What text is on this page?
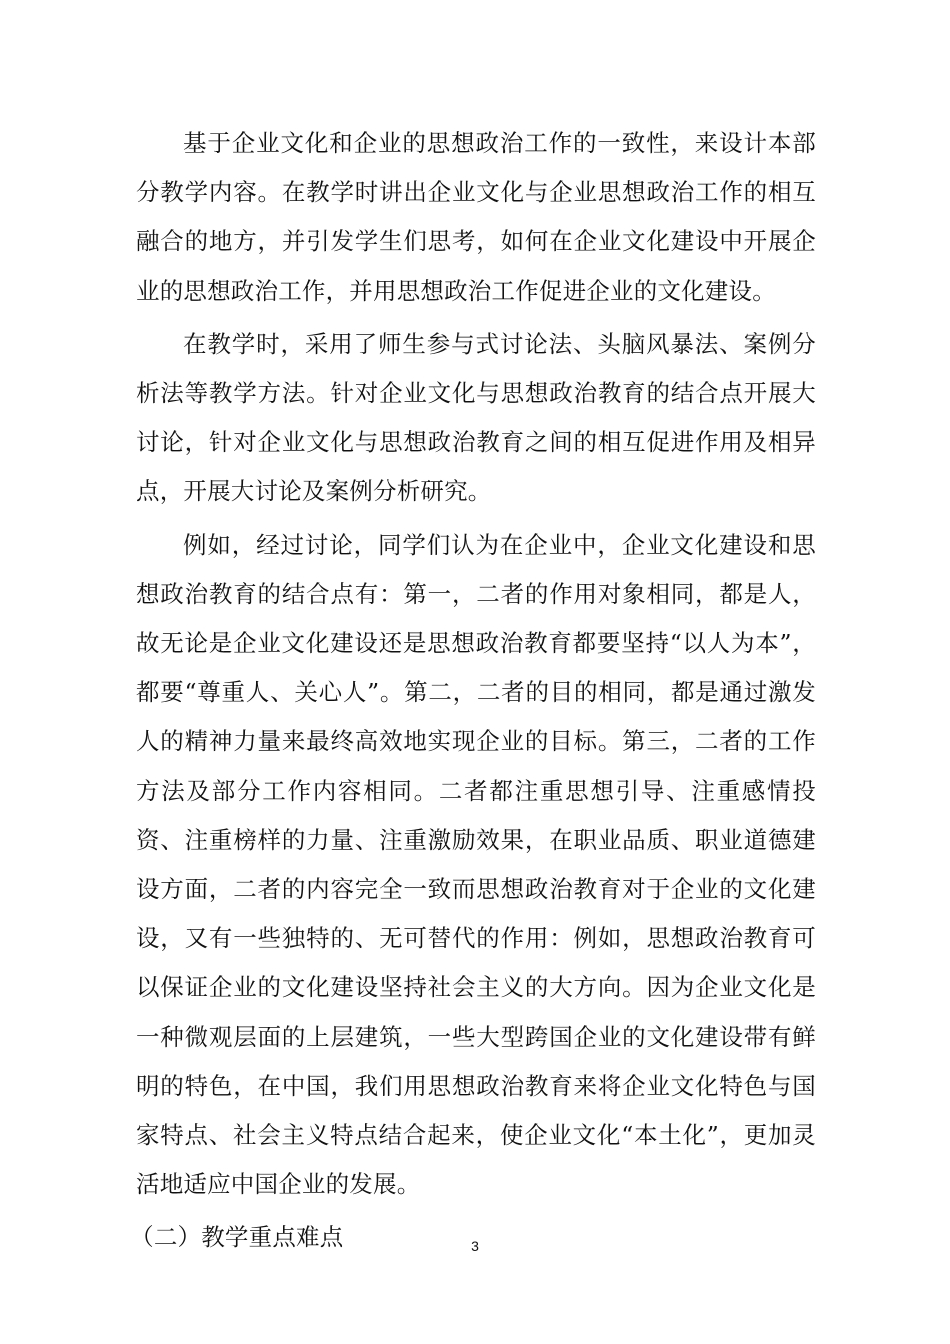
基于企业文化和企业的思想政治工作的一致性，来设计本部分教学内容。在教学时讲出企业文化与企业思想政治工作的相互融合的地方，并引发学生们思考，如何在企业文化建设中开展企业的思想政治工作，并用思想政治工作促进企业的文化建设。

在教学时，采用了师生参与式讨论法、头脑风暴法、案例分析法等教学方法。针对企业文化与思想政治教育的结合点开展大讨论，针对企业文化与思想政治教育之间的相互促进作用及相异点，开展大讨论及案例分析研究。

例如，经过讨论，同学们认为在企业中，企业文化建设和思想政治教育的结合点有：第一，二者的作用对象相同，都是人，故无论是企业文化建设还是思想政治教育都要坚持“以人为本”，都要“尊重人、关心人”。第二，二者的目的相同，都是通过激发人的精神力量来最终高效地实现企业的目标。第三，二者的工作方法及部分工作内容相同。二者都注重思想引导、注重感情投资、注重榜样的力量、注重激励效果，在职业品质、职业道德建设方面，二者的内容完全一致而思想政治教育对于企业的文化建设，又有一些独特的、无可替代的作用：例如，思想政治教育可以保证企业的文化建设坚持社会主义的大方向。因为企业文化是一种微观层面的上层建筑，一些大型跨国企业的文化建设带有鲜明的特色，在中国，我们用思想政治教育来将企业文化特色与国家特点、社会主义特点结合起来，使企业文化“本土化”，更加灵活地适应中国企业的发展。

（二）教学重点难点	3
